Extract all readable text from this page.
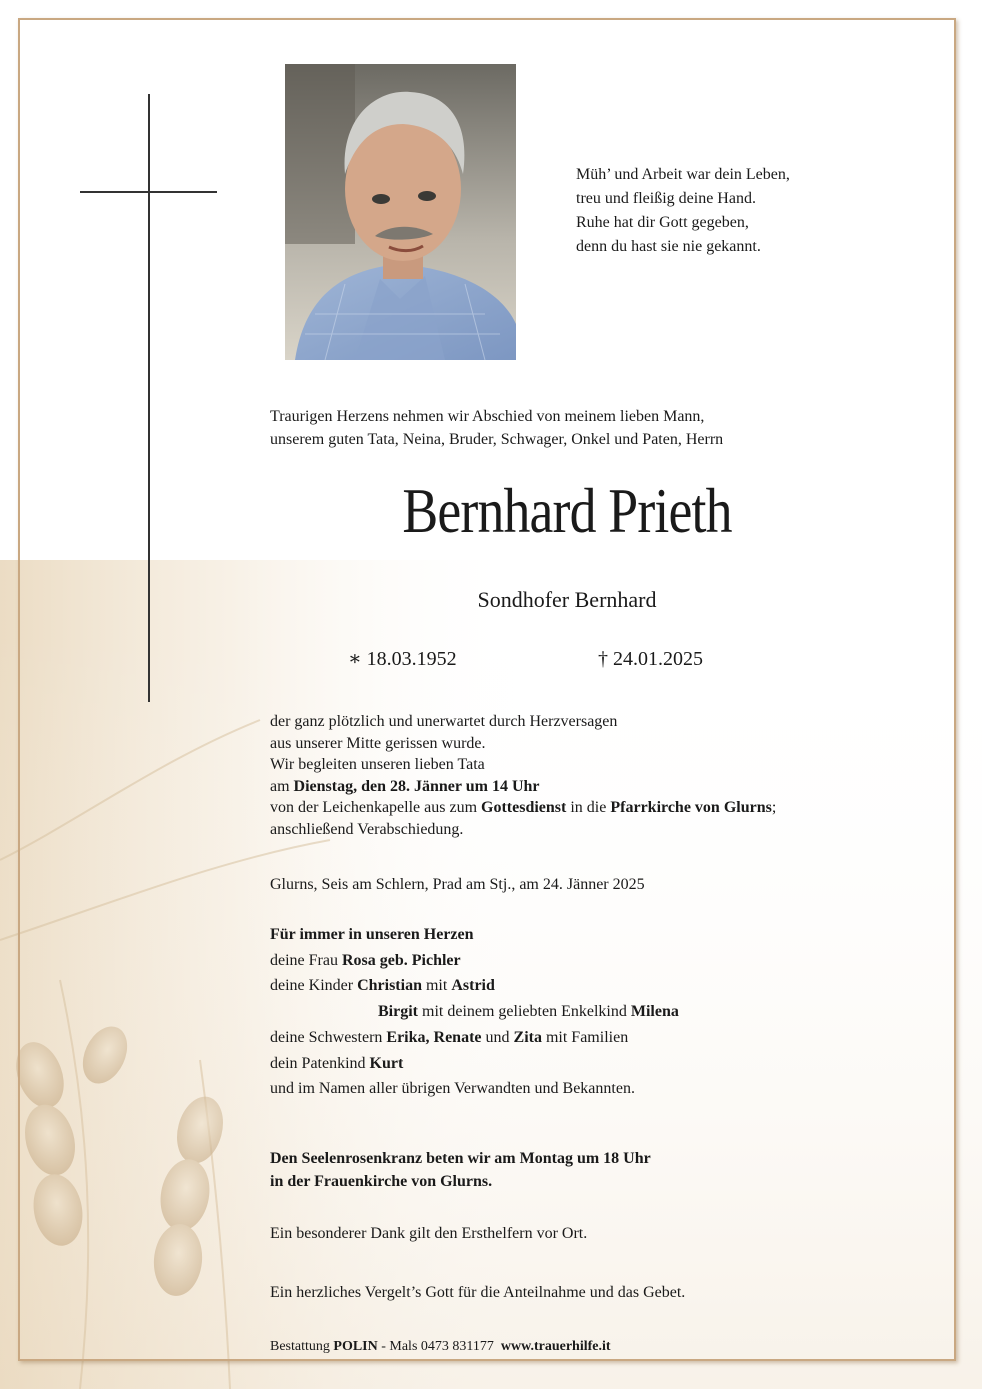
Müh’ und Arbeit war dein Leben,
treu und fleißig deine Hand.
Ruhe hat dir Gott gegeben,
denn du hast sie nie gekannt.
Traurigen Herzens nehmen wir Abschied von meinem lieben Mann,
unserem guten Tata, Neina, Bruder, Schwager, Onkel und Paten, Herrn
Bernhard Prieth
Sondhofer Bernhard
∗ 18.03.1952	† 24.01.2025
der ganz plötzlich und unerwartet durch Herzversagen
aus unserer Mitte gerissen wurde.
Wir begleiten unseren lieben Tata
am Dienstag, den 28. Jänner um 14 Uhr
von der Leichenkapelle aus zum Gottesdienst in die Pfarrkirche von Glurns;
anschließend Verabschiedung.
Glurns, Seis am Schlern, Prad am Stj., am 24. Jänner 2025
Für immer in unseren Herzen
deine Frau Rosa geb. Pichler
deine Kinder Christian mit Astrid
Birgit mit deinem geliebten Enkelkind Milena
deine Schwestern Erika, Renate und Zita mit Familien
dein Patenkind Kurt
und im Namen aller übrigen Verwandten und Bekannten.
Den Seelenrosenkranz beten wir am Montag um 18 Uhr
in der Frauenkirche von Glurns.
Ein besonderer Dank gilt den Ersthelfern vor Ort.
Ein herzliches Vergelt’s Gott für die Anteilnahme und das Gebet.
Bestattung POLIN - Mals 0473 831177  www.trauerhilfe.it
